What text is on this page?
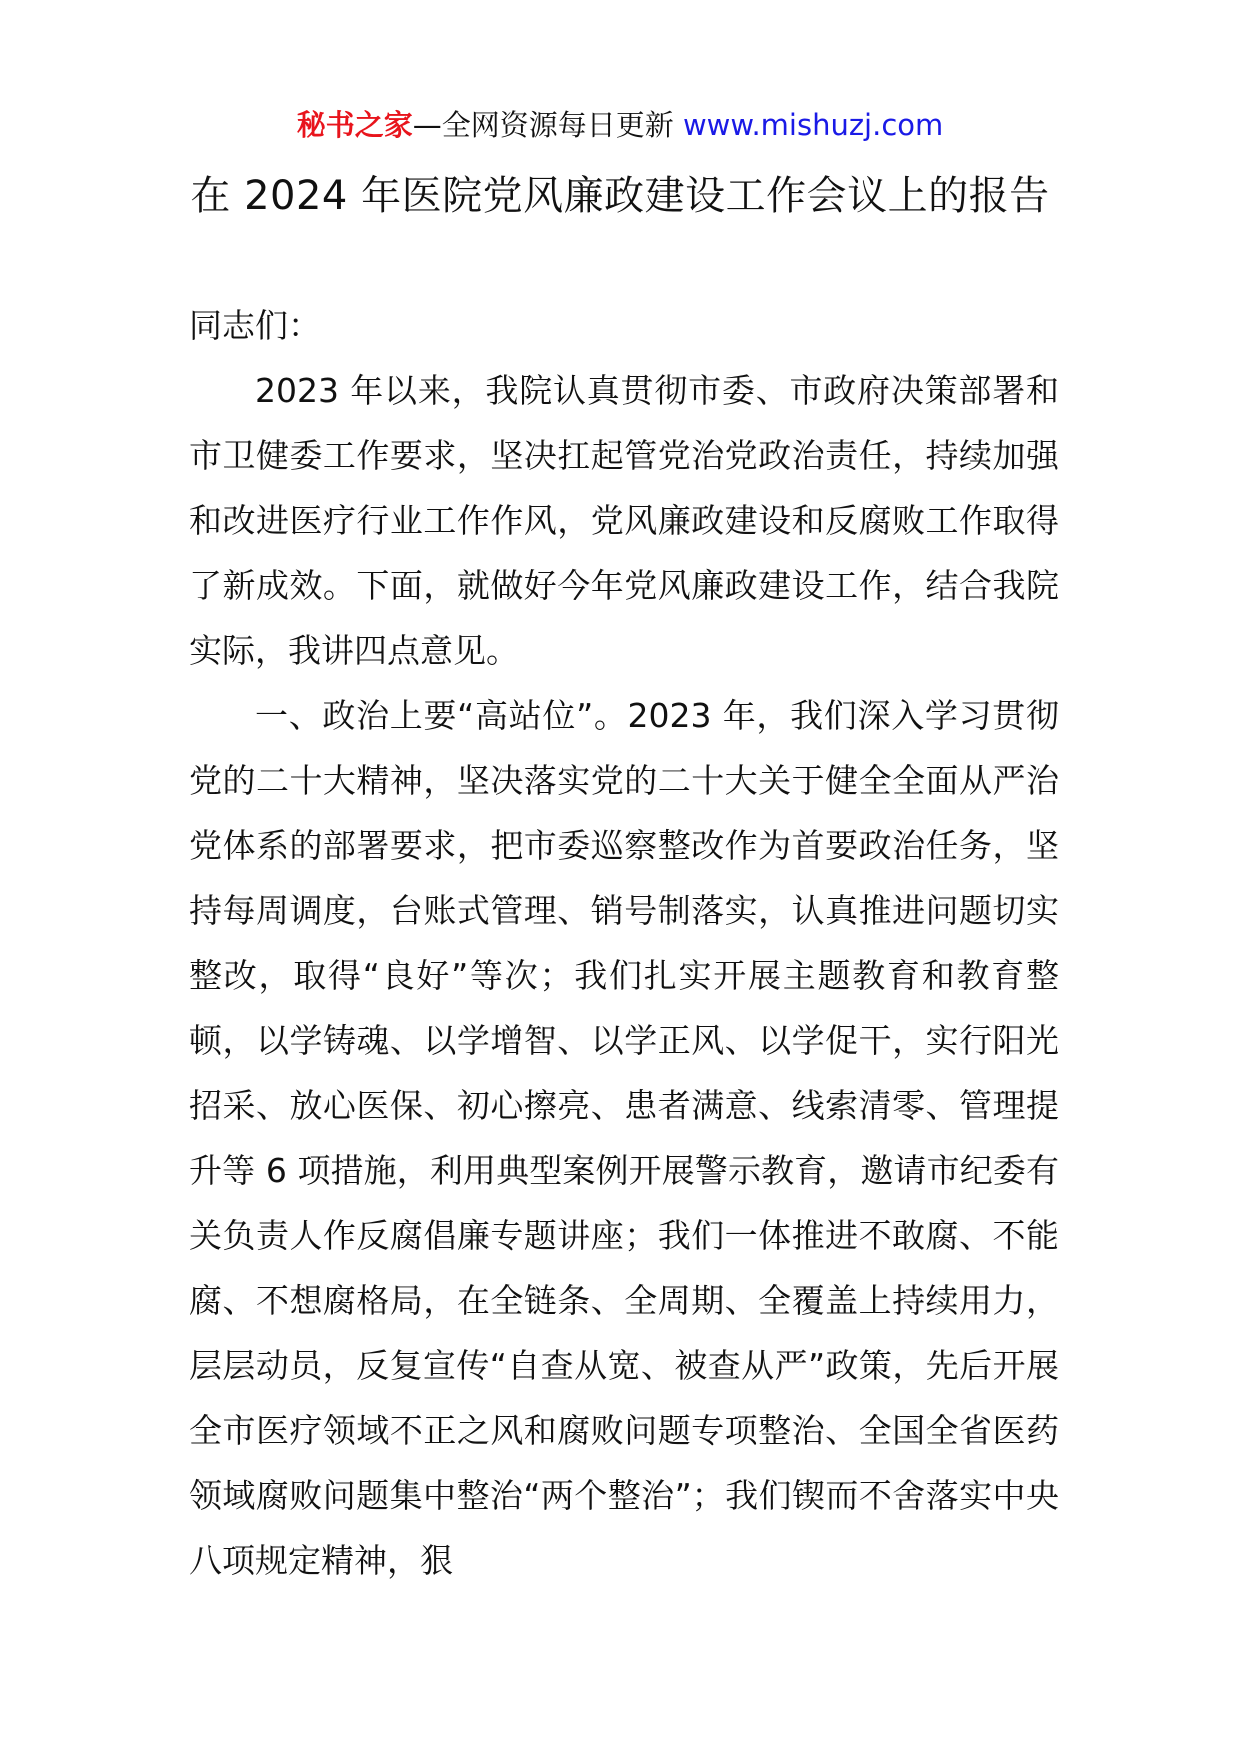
秘书之家—全网资源每日更新 www.mishuzj.com
在 2024 年医院党风廉政建设工作会议上的报告

同志们：

2023 年以来，我院认真贯彻市委、市政府决策部署和市卫健委工作要求，坚决扛起管党治党政治责任，持续加强和改进医疗行业工作作风，党风廉政建设和反腐败工作取得了新成效。下面，就做好今年党风廉政建设工作，结合我院实际，我讲四点意见。

一、政治上要“高站位”。2023 年，我们深入学习贯彻党的二十大精神，坚决落实党的二十大关于健全全面从严治党体系的部署要求，把市委巡察整改作为首要政治任务，坚持每周调度，台账式管理、销号制落实，认真推进问题切实整改，取得“良好”等次；我们扎实开展主题教育和教育整顿，以学铸魂、以学增智、以学正风、以学促干，实行阳光招采、放心医保、初心擦亮、患者满意、线索清零、管理提升等 6 项措施，利用典型案例开展警示教育，邀请市纪委有关负责人作反腐倡廉专题讲座；我们一体推进不敢腐、不能腐、不想腐格局，在全链条、全周期、全覆盖上持续用力，层层动员，反复宣传“自查从宽、被查从严”政策，先后开展全市医疗领域不正之风和腐败问题专项整治、全国全省医药领域腐败问题集中整治“两个整治”；我们锲而不舍落实中央八项规定精神，狠
